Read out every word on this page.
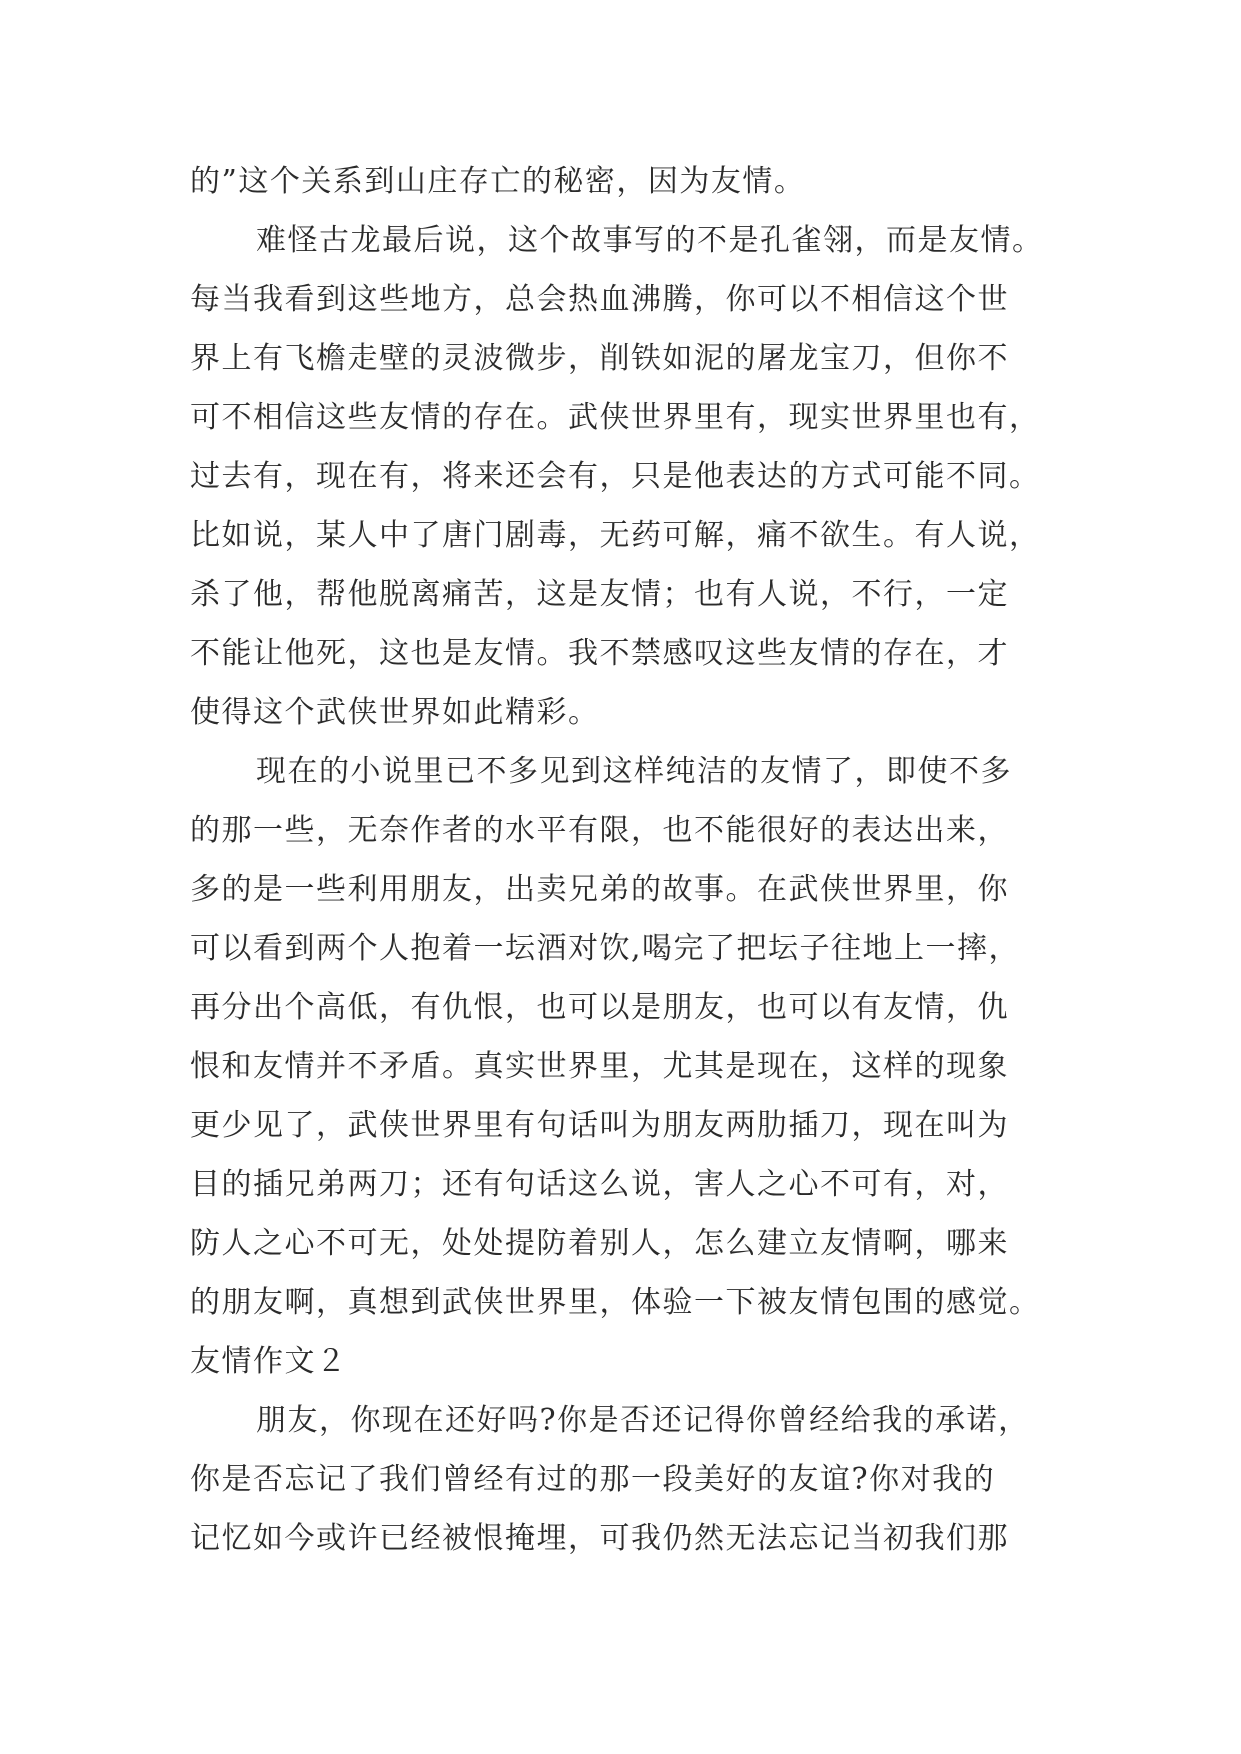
的”这个关系到山庄存亡的秘密，因为友情。
难怪古龙最后说，这个故事写的不是孔雀翎，而是友情。
每当我看到这些地方，总会热血沸腾，你可以不相信这个世
界上有飞檐走壁的灵波微步，削铁如泥的屠龙宝刀，但你不
可不相信这些友情的存在。武侠世界里有，现实世界里也有，
过去有，现在有，将来还会有，只是他表达的方式可能不同。
比如说，某人中了唐门剧毒，无药可解，痛不欲生。有人说，
杀了他，帮他脱离痛苦，这是友情；也有人说，不行，一定
不能让他死，这也是友情。我不禁感叹这些友情的存在，才
使得这个武侠世界如此精彩。
现在的小说里已不多见到这样纯洁的友情了，即使不多
的那一些，无奈作者的水平有限，也不能很好的表达出来，
多的是一些利用朋友，出卖兄弟的故事。在武侠世界里，你
可以看到两个人抱着一坛酒对饮,喝完了把坛子往地上一摔，
再分出个高低，有仇恨，也可以是朋友，也可以有友情，仇
恨和友情并不矛盾。真实世界里，尤其是现在，这样的现象
更少见了，武侠世界里有句话叫为朋友两肋插刀，现在叫为
目的插兄弟两刀；还有句话这么说，害人之心不可有，对，
防人之心不可无，处处提防着别人，怎么建立友情啊，哪来
的朋友啊，真想到武侠世界里，体验一下被友情包围的感觉。
友情作文２
朋友，你现在还好吗?你是否还记得你曾经给我的承诺，
你是否忘记了我们曾经有过的那一段美好的友谊?你对我的
记忆如今或许已经被恨掩埋，可我仍然无法忘记当初我们那
